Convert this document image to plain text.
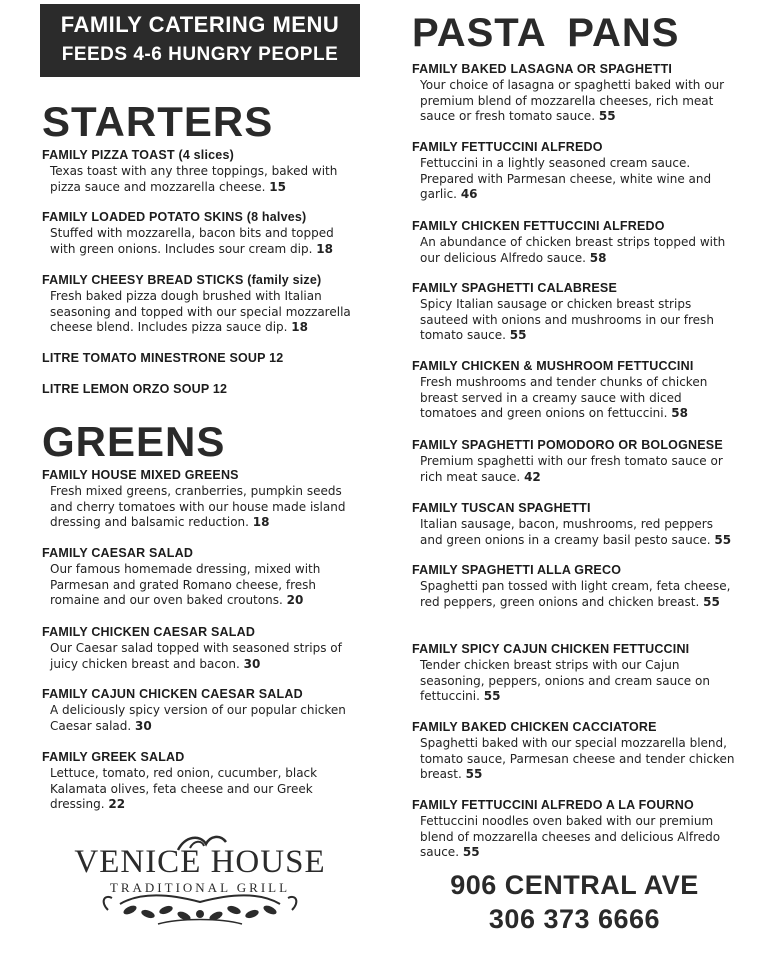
FAMILY CATERING MENU
FEEDS 4-6 HUNGRY PEOPLE
STARTERS
FAMILY PIZZA TOAST (4 slices)
Texas toast with any three toppings, baked with pizza sauce and mozzarella cheese. 15
FAMILY LOADED POTATO SKINS (8 halves)
Stuffed with mozzarella, bacon bits and topped with green onions. Includes sour cream dip. 18
FAMILY CHEESY BREAD STICKS (family size)
Fresh baked pizza dough brushed with Italian seasoning and topped with our special mozzarella cheese blend. Includes pizza sauce dip. 18
LITRE TOMATO MINESTRONE SOUP 12
LITRE LEMON ORZO SOUP 12
GREENS
FAMILY HOUSE MIXED GREENS
Fresh mixed greens, cranberries, pumpkin seeds and cherry tomatoes with our house made island dressing and balsamic reduction. 18
FAMILY CAESAR SALAD
Our famous homemade dressing, mixed with Parmesan and grated Romano cheese, fresh romaine and our oven baked croutons. 20
FAMILY CHICKEN CAESAR SALAD
Our Caesar salad topped with seasoned strips of juicy chicken breast and bacon. 30
FAMILY CAJUN CHICKEN CAESAR SALAD
A deliciously spicy version of our popular chicken Caesar salad. 30
FAMILY GREEK SALAD
Lettuce, tomato, red onion, cucumber, black Kalamata olives, feta cheese and our Greek dressing. 22
VENICE HOUSE
TRADITIONAL GRILL
PASTA PANS
FAMILY BAKED LASAGNA OR SPAGHETTI
Your choice of lasagna or spaghetti baked with our premium blend of mozzarella cheeses, rich meat sauce or fresh tomato sauce. 55
FAMILY FETTUCCINI ALFREDO
Fettuccini in a lightly seasoned cream sauce. Prepared with Parmesan cheese, white wine and garlic. 46
FAMILY CHICKEN FETTUCCINI ALFREDO
An abundance of chicken breast strips topped with our delicious Alfredo sauce. 58
FAMILY SPAGHETTI CALABRESE
Spicy Italian sausage or chicken breast strips sauteed with onions and mushrooms in our fresh tomato sauce. 55
FAMILY CHICKEN & MUSHROOM FETTUCCINI
Fresh mushrooms and tender chunks of chicken breast served in a creamy sauce with diced tomatoes and green onions on fettuccini. 58
FAMILY SPAGHETTI POMODORO OR BOLOGNESE
Premium spaghetti with our fresh tomato sauce or rich meat sauce. 42
FAMILY TUSCAN SPAGHETTI
Italian sausage, bacon, mushrooms, red peppers and green onions in a creamy basil pesto sauce. 55
FAMILY SPAGHETTI ALLA GRECO
Spaghetti pan tossed with light cream, feta cheese, red peppers, green onions and chicken breast. 55
FAMILY SPICY CAJUN CHICKEN FETTUCCINI
Tender chicken breast strips with our Cajun seasoning, peppers, onions and cream sauce on fettuccini. 55
FAMILY BAKED CHICKEN CACCIATORE
Spaghetti baked with our special mozzarella blend, tomato sauce, Parmesan cheese and tender chicken breast. 55
FAMILY FETTUCCINI ALFREDO A LA FOURNO
Fettuccini noodles oven baked with our premium blend of mozzarella cheeses and delicious Alfredo sauce. 55
906 CENTRAL AVE
306 373 6666
